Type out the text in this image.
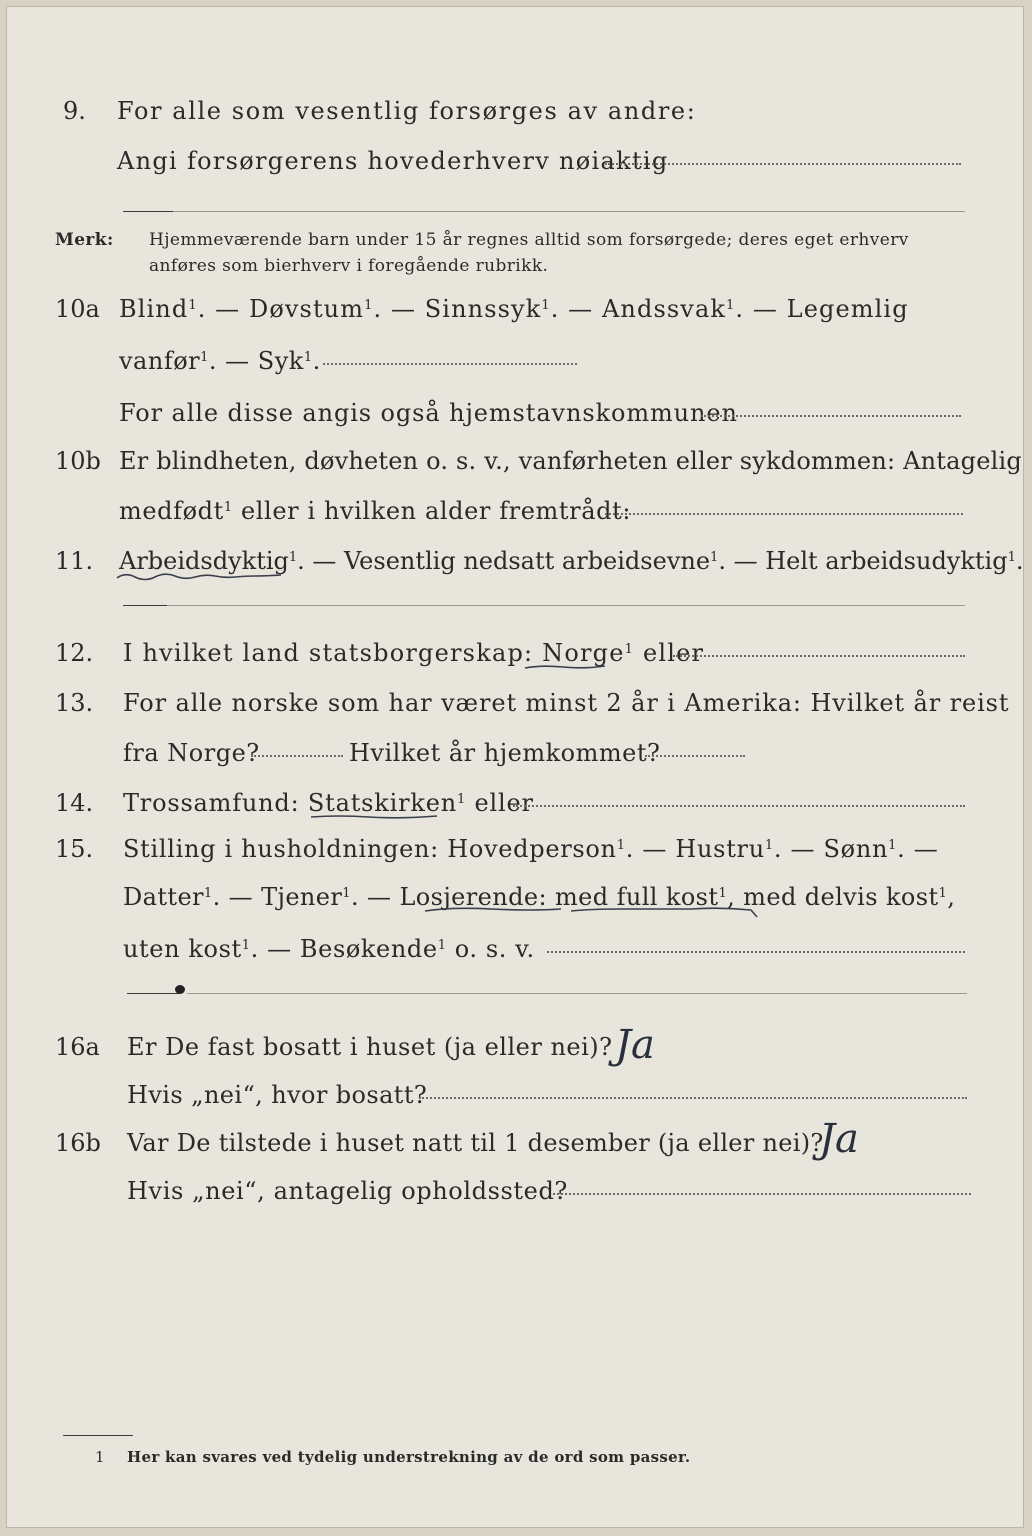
9. For alle som vesentlig forsørges av andre:
Angi forsørgerens hovederhverv nøiaktig
Merk: Hjemmeværende barn under 15 år regnes alltid som forsørgede; deres eget erhverv
anføres som bierhverv i foregående rubrikk.
10a Blind$^1$. — Døvstum$^1$. — Sinnssyk$^1$. — Andssvak$^1$. — Legemlig
vanfør$^1$. — Syk$^1$.
For alle disse angis også hjemstavnskommunen
10b Er blindheten, døvheten o. s. v., vanførheten eller sykdommen: Antagelig
medfødt$^1$ eller i hvilken alder fremtrådt:
11. Arbeidsdyktig$^1$. — Vesentlig nedsatt arbeidsevne$^1$. — Helt arbeidsudyktig$^1$.
12. I hvilket land statsborgerskap: Norge$^1$ eller
13. For alle norske som har været minst 2 år i Amerika: Hvilket år reist
fra Norge?	Hvilket år hjemkommet?
14. Trossamfund: Statskirken$^1$ eller
15. Stilling i husholdningen: Hovedperson$^1$. — Hustru$^1$. — Sønn$^1$. —
Datter$^1$. — Tjener$^1$. — Losjerende: med full kost$^1$, med delvis kost$^1$,
uten kost$^1$. — Besøkende$^1$ o. s. v.
16a Er De fast bosatt i huset (ja eller nei)? Ja
Hvis „nei“, hvor bosatt?
16b Var De tilstede i huset natt til 1 desember (ja eller nei)?
Ja
Hvis „nei“, antagelig opholdssted?
1 Her kan svares ved tydelig understrekning av de ord som passer.
